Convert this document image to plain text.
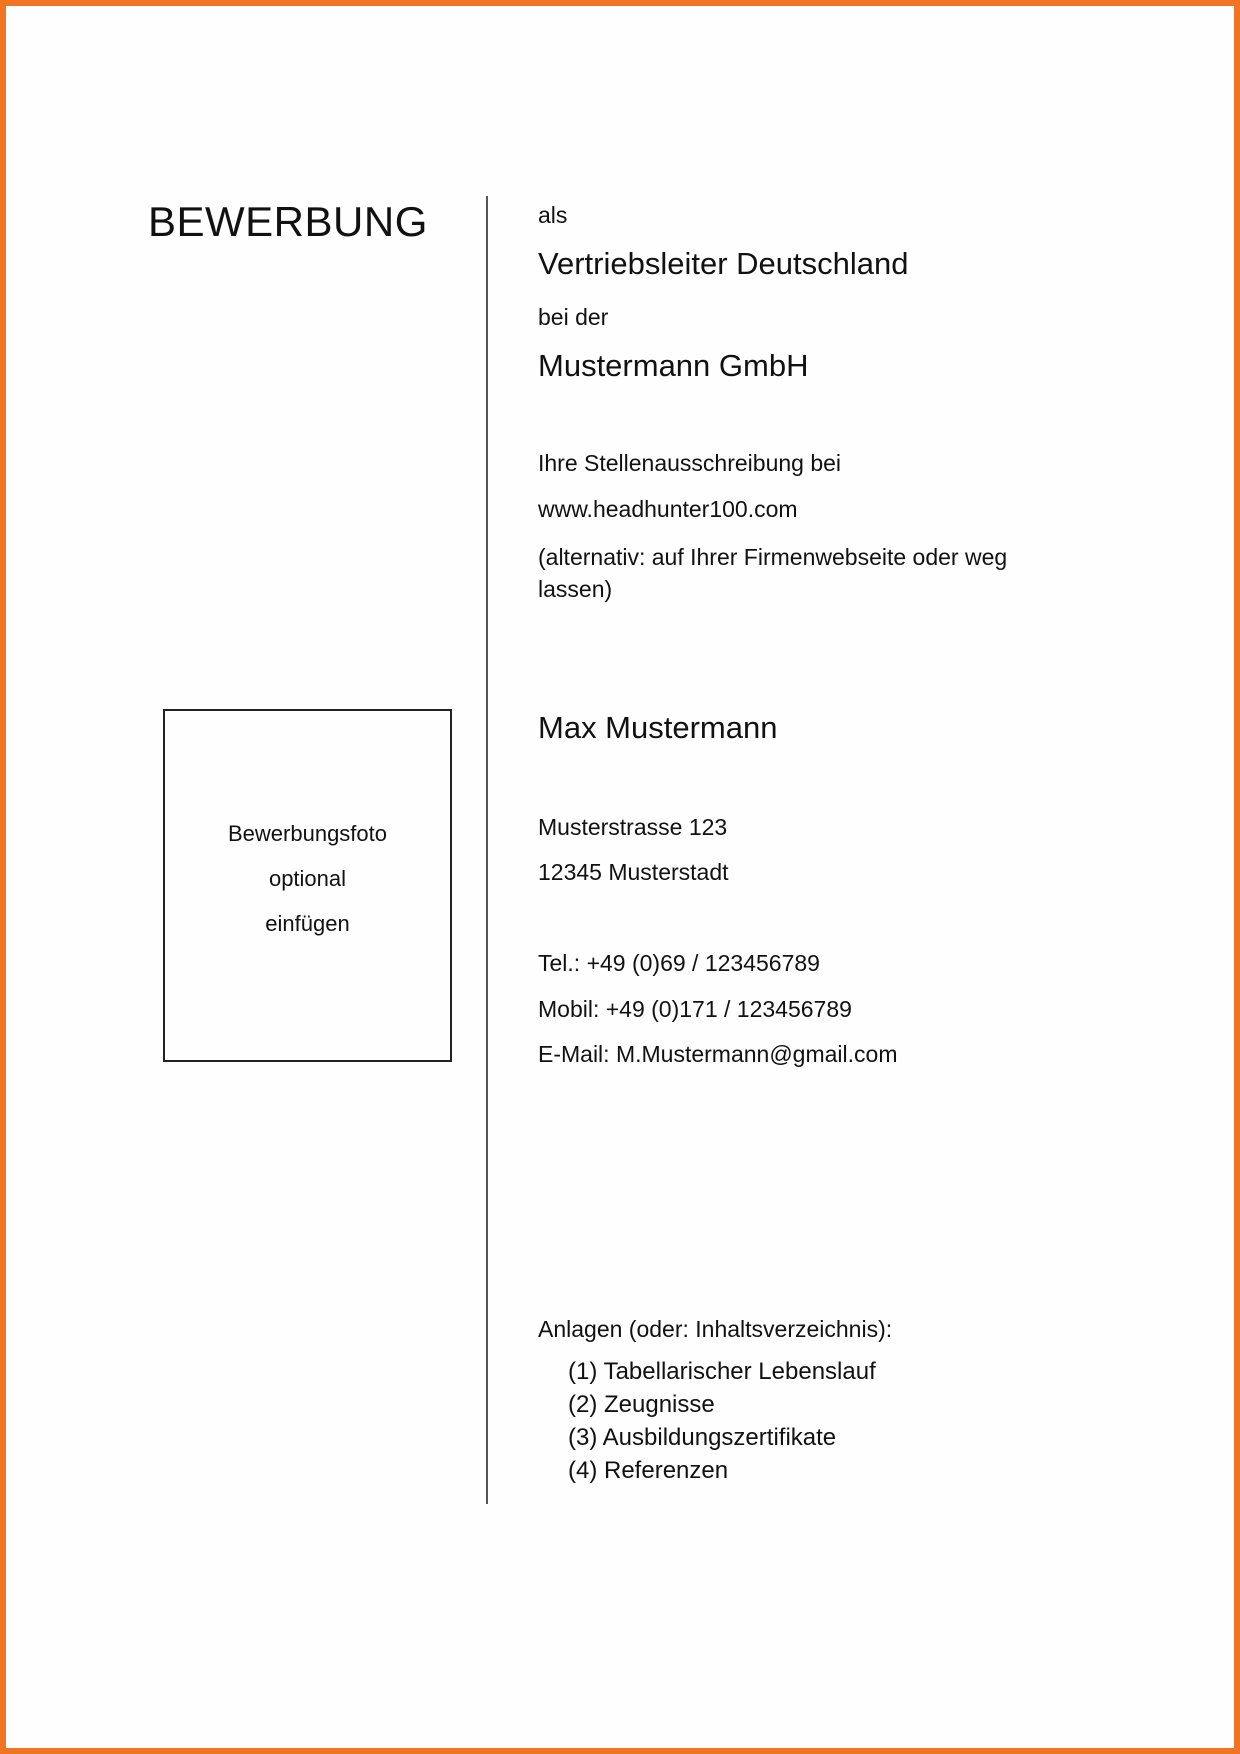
BEWERBUNG	als

Vertriebsleiter Deutschland

bei der

Mustermann GmbH

Ihre Stellenausschreibung bei

www.headhunter100.com

(alternativ: auf Ihrer Firmenwebseite oder weg lassen)

Bewerbungsfoto
optional
einfügen

Max Mustermann

Musterstrasse 123

12345 Musterstadt

Tel.: +49 (0)69 / 123456789

Mobil: +49 (0)171 / 123456789

E-Mail: M.Mustermann@gmail.com

Anlagen (oder: Inhaltsverzeichnis):

(1) Tabellarischer Lebenslauf
(2) Zeugnisse
(3) Ausbildungszertifikate
(4) Referenzen
